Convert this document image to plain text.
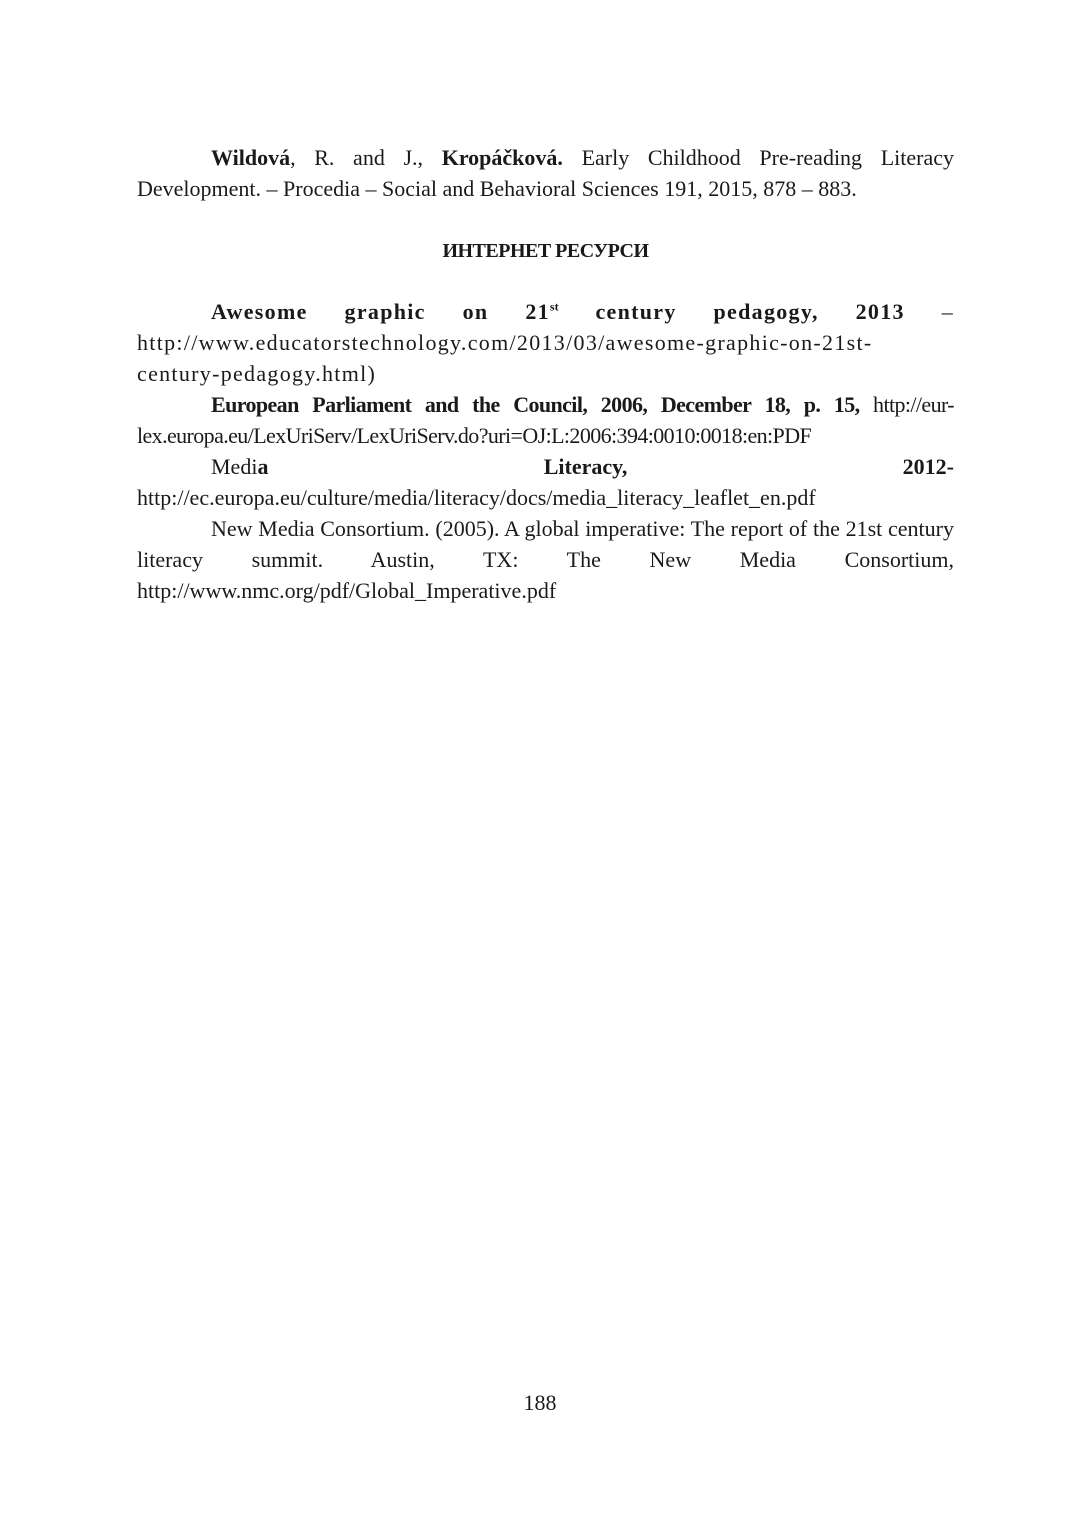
Wildová, R. and J., Kropáčková. Early Childhood Pre-reading Literacy Development. – Procedia – Social and Behavioral Sciences 191, 2015, 878 – 883.

ИНТЕРНЕТ РЕСУРСИ

Awesome graphic on 21st century pedagogy, 2013 – http://www.educatorstechnology.com/2013/03/awesome-graphic-on-21st-century-pedagogy.html)

European Parliament and the Council, 2006, December 18, p. 15, http://eur-lex.europa.eu/LexUriServ/LexUriServ.do?uri=OJ:L:2006:394:0010:0018:en:PDF

Media Literacy, 2012- http://ec.europa.eu/culture/media/literacy/docs/media_literacy_leaflet_en.pdf

New Media Consortium. (2005). A global imperative: The report of the 21st century literacy summit. Austin, TX: The New Media Consortium, http://www.nmc.org/pdf/Global_Imperative.pdf

188
